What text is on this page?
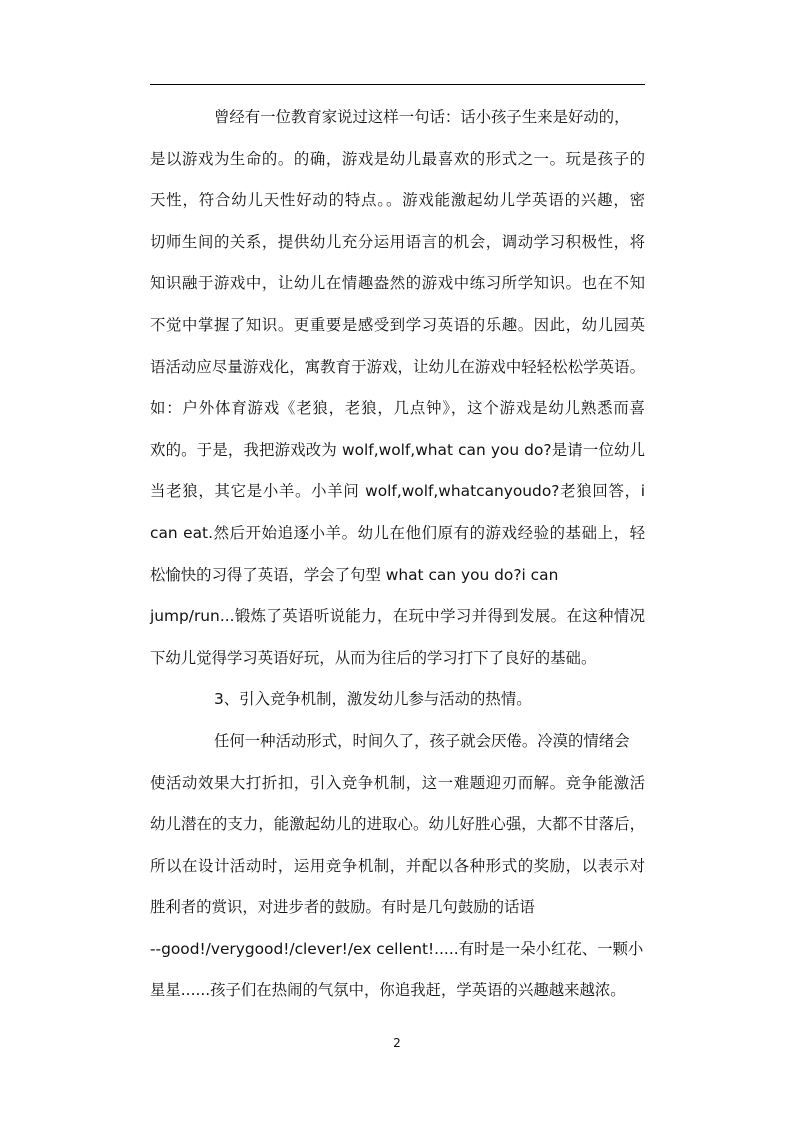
曾经有一位教育家说过这样一句话：话小孩子生来是好动的，
是以游戏为生命的。的确，游戏是幼儿最喜欢的形式之一。玩是孩子的
天性，符合幼儿天性好动的特点。。游戏能激起幼儿学英语的兴趣，密
切师生间的关系，提供幼儿充分运用语言的机会，调动学习积极性，将
知识融于游戏中，让幼儿在情趣盎然的游戏中练习所学知识。也在不知
不觉中掌握了知识。更重要是感受到学习英语的乐趣。因此，幼儿园英
语活动应尽量游戏化，寓教育于游戏，让幼儿在游戏中轻轻松松学英语。
如：户外体育游戏《老狼，老狼，几点钟》，这个游戏是幼儿熟悉而喜
欢的。于是，我把游戏改为 wolf,wolf,what can you do?是请一位幼儿
当老狼，其它是小羊。小羊问 wolf,wolf,whatcanyoudo?老狼回答，i
can eat.然后开始追逐小羊。幼儿在他们原有的游戏经验的基础上，轻
松愉快的习得了英语，学会了句型 what can you do?i can
jump/run...锻炼了英语听说能力，在玩中学习并得到发展。在这种情况
下幼儿觉得学习英语好玩，从而为往后的学习打下了良好的基础。
3、引入竞争机制，激发幼儿参与活动的热情。
任何一种活动形式，时间久了，孩子就会厌倦。冷漠的情绪会
使活动效果大打折扣，引入竞争机制，这一难题迎刃而解。竞争能激活
幼儿潜在的支力，能激起幼儿的进取心。幼儿好胜心强，大都不甘落后，
所以在设计活动时，运用竞争机制，并配以各种形式的奖励，以表示对
胜利者的赏识，对进步者的鼓励。有时是几句鼓励的话语
--good!/verygood!/clever!/ex cellent!.....有时是一朵小红花、一颗小
星星......孩子们在热闹的气氛中，你追我赶，学英语的兴趣越来越浓。
2
